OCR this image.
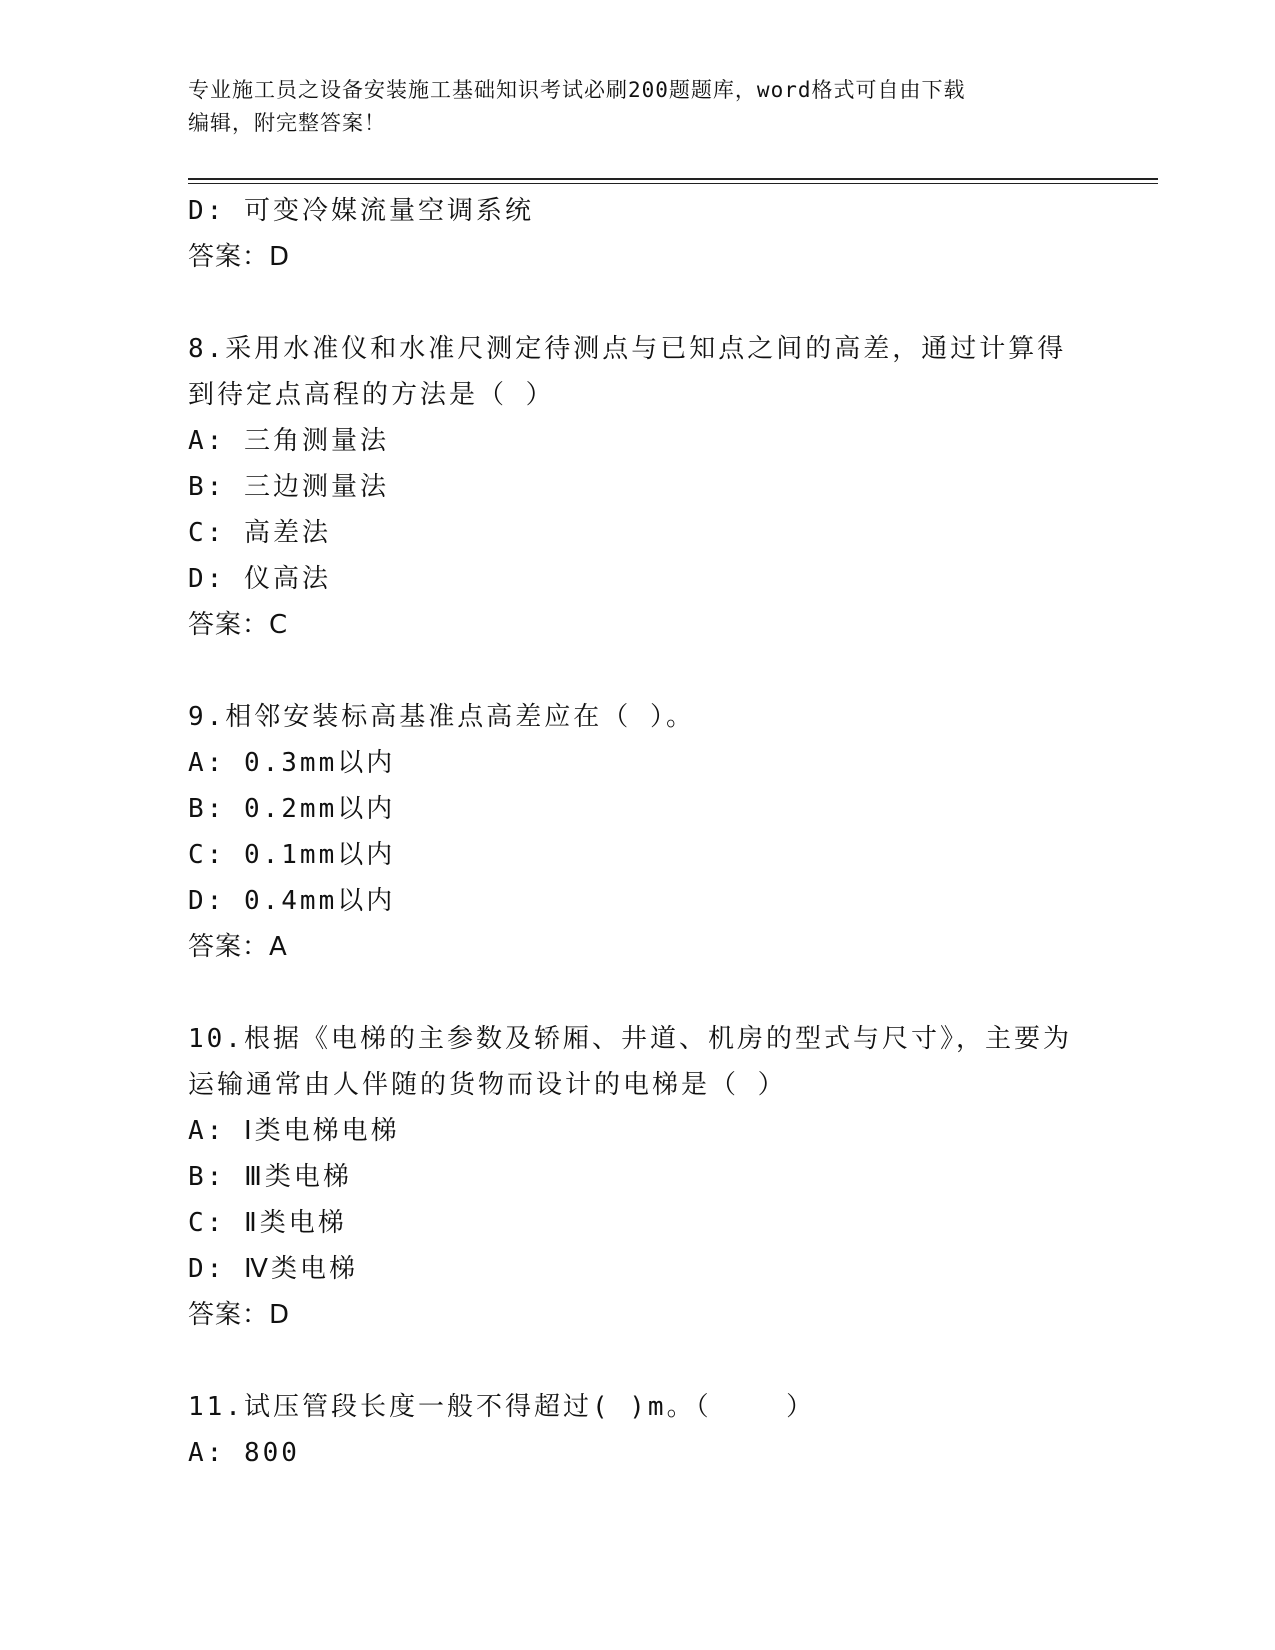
专业施工员之设备安装施工基础知识考试必刷200题题库，word格式可自由下载
编辑，附完整答案！
D: 可变冷媒流量空调系统
答案：D
8.采用水准仪和水准尺测定待测点与已知点之间的高差，通过计算得
到待定点高程的方法是（ ）
A: 三角测量法
B: 三边测量法
C: 高差法
D: 仪高法
答案：C
9.相邻安装标高基准点高差应在（ ）。
A: 0.3mm以内
B: 0.2mm以内
C: 0.1mm以内
D: 0.4mm以内
答案：A
10.根据《电梯的主参数及轿厢、井道、机房的型式与尺寸》，主要为
运输通常由人伴随的货物而设计的电梯是（ ）
A: Ⅰ类电梯电梯
B: Ⅲ类电梯
C: Ⅱ类电梯
D: Ⅳ类电梯
答案：D
11.试压管段长度一般不得超过( )m。（    ）
A: 800
